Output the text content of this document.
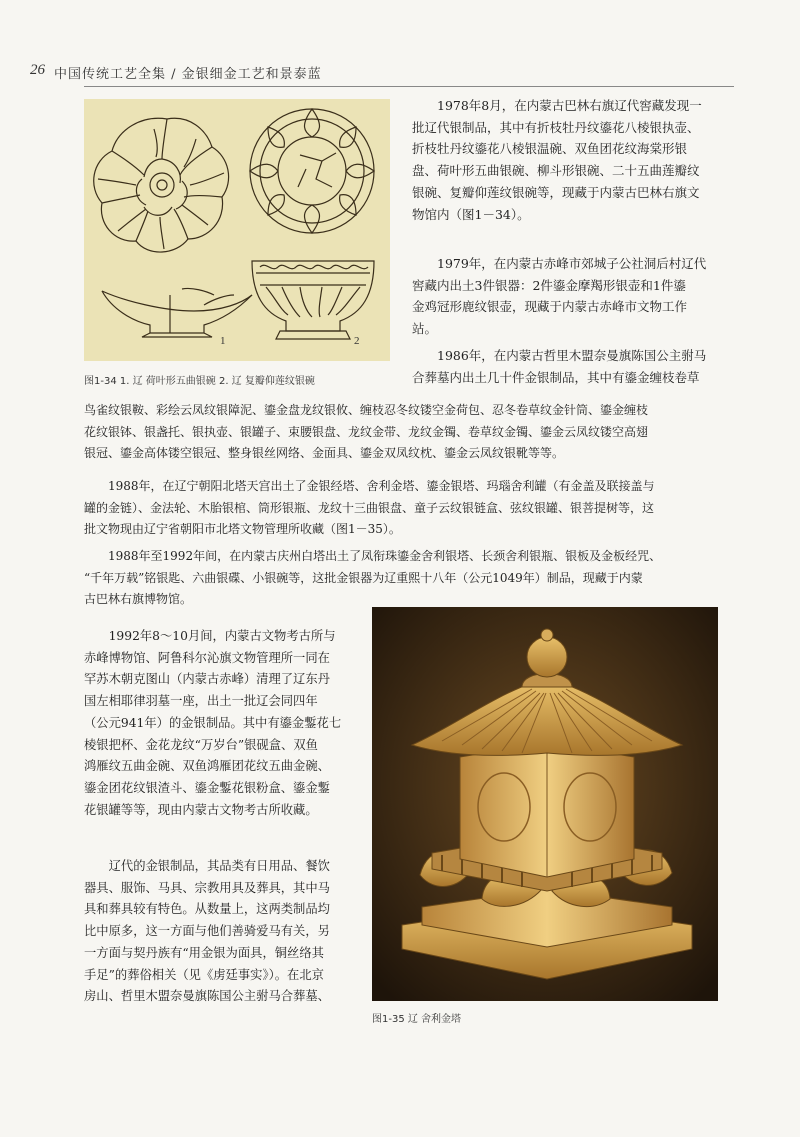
26 中国传统工艺全集 / 金银细金工艺和景泰蓝
1	2
图1-34 1. 辽 荷叶形五曲银碗 2. 辽 复瓣仰莲纹银碗
图1-35 辽 舍利金塔

1978年8月，在内蒙古巴林右旗辽代窖藏发现一

批辽代银制品，其中有折枝牡丹纹鎏花八棱银执壶、

折枝牡丹纹鎏花八棱银温碗、双鱼团花纹海棠形银

盘、荷叶形五曲银碗、柳斗形银碗、二十五曲莲瓣纹

银碗、复瓣仰莲纹银碗等，现藏于内蒙古巴林右旗文

物馆内（图1－34）。

1979年，在内蒙古赤峰市郊城子公社洞后村辽代

窖藏内出土3件银器：2件鎏金摩羯形银壶和1件鎏

金鸡冠形鹿纹银壶，现藏于内蒙古赤峰市文物工作

站。

1986年，在内蒙古哲里木盟奈曼旗陈国公主驸马

合葬墓内出土几十件金银制品，其中有鎏金缠枝卷草

鸟雀纹银鞍、彩绘云凤纹银障泥、鎏金盘龙纹银攸、缠枝忍冬纹镂空金荷包、忍冬卷草纹金针筒、鎏金缠枝

花纹银钵、银盏托、银执壶、银罐子、束腰银盘、龙纹金带、龙纹金镯、卷草纹金镯、鎏金云凤纹镂空高翅

银冠、鎏金高体镂空银冠、整身银丝网络、金面具、鎏金双凤纹枕、鎏金云凤纹银靴等等。

1988年，在辽宁朝阳北塔天宫出土了金银经塔、舍利金塔、鎏金银塔、玛瑙舍利罐（有金盖及联接盖与

罐的金链）、金法轮、木胎银棺、筒形银瓶、龙纹十三曲银盘、童子云纹银链盒、弦纹银罐、银菩提树等，这

批文物现由辽宁省朝阳市北塔文物管理所收藏（图1－35）。

1988年至1992年间，在内蒙古庆州白塔出土了凤衔珠鎏金舍利银塔、长颈舍利银瓶、银板及金板经咒、

“千年万载”铭银匙、六曲银碟、小银碗等，这批金银器为辽重熙十八年（公元1049年）制品，现藏于内蒙

古巴林右旗博物馆。

1992年8～10月间，内蒙古文物考古所与

赤峰博物馆、阿鲁科尔沁旗文物管理所一同在

罕苏木朝克图山（内蒙古赤峰）清理了辽东丹

国左相耶律羽墓一座，出土一批辽会同四年

（公元941年）的金银制品。其中有鎏金鏨花七

棱银把杯、金花龙纹“万岁台”银砚盒、双鱼

鸿雁纹五曲金碗、双鱼鸿雁团花纹五曲金碗、

鎏金团花纹银渣斗、鎏金鏨花银粉盒、鎏金鏨

花银罐等等，现由内蒙古文物考古所收藏。

辽代的金银制品，其品类有日用品、餐饮

器具、服饰、马具、宗教用具及葬具，其中马

具和葬具较有特色。从数量上，这两类制品均

比中原多，这一方面与他们善骑爱马有关，另

一方面与契丹族有“用金银为面具，铜丝络其

手足”的葬俗相关（见《虏廷事实》）。在北京

房山、哲里木盟奈曼旗陈国公主驸马合葬墓、
